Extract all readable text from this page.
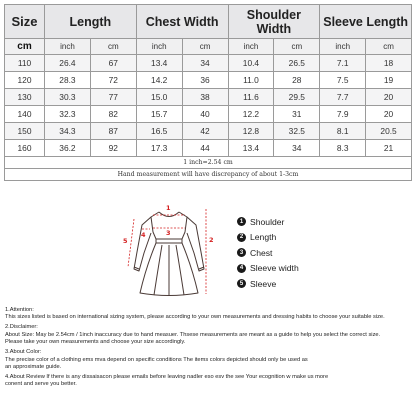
Size	Length		Chest Width		Shoulder Width		Sleeve Length	
cm	inch	cm	inch	cm	inch	cm	inch	cm
110	26.4	67	13.4	34	10.4	26.5	7.1	18
120	28.3	72	14.2	36	11.0	28	7.5	19
130	30.3	77	15.0	38	11.6	29.5	7.7	20
140	32.3	82	15.7	40	12.2	31	7.9	20
150	34.3	87	16.5	42	12.8	32.5	8.1	20.5
160	36.2	92	17.3	44	13.4	34	8.3	21
1 inch=2.54 cm								
Hand measurement will have discrepancy of about 1-3cm								
1
2
3
4
5
1 Shoulder
2 Length
3 Chest
4 Sleeve width
5 Sleeve

1.Attention:

This sizes listed is based on international sizing system, please according to your own measurements and dressing habits to choose your suitable size.

2.Disclaimer:

About Size: May be 2.54cm / 1inch inaccuracy due to hand measuer. Thsese measurements are meant as a guide to help you select the correct size.

Please take your own measurements and choose your size accordingly.

3.About Color:

The precise color of a clothing ems mva depend on specific conditions The items colors depicted should only be used as

an approximate guide.

4.About Review If there is any dissaisacon please emails before leaving nadler eso esv the see Your ecognition w make us more

conent and serve you better.
